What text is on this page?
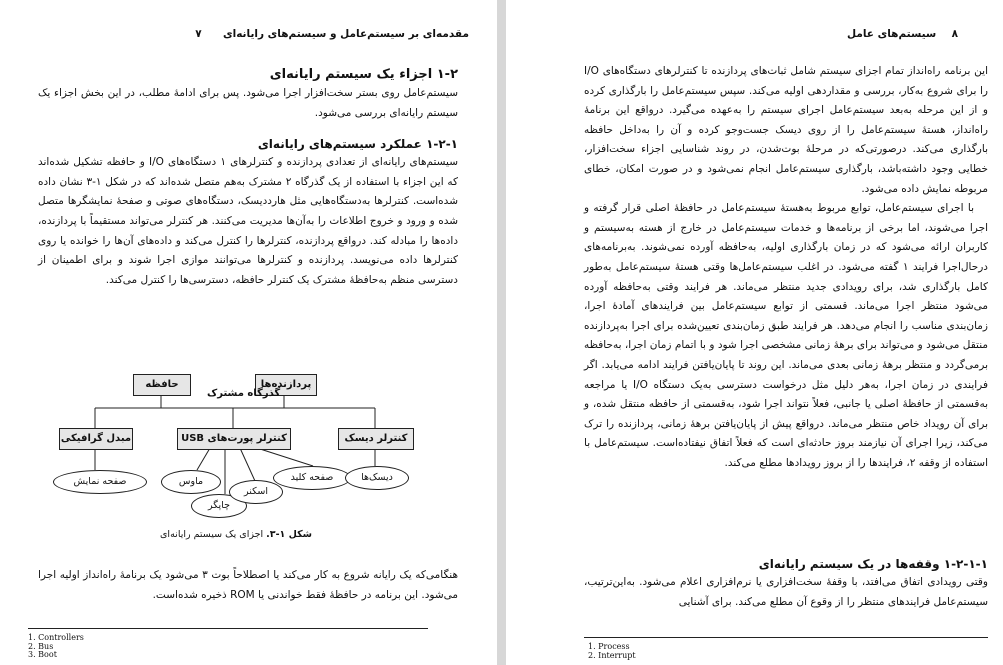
مقدمه‌ای بر سیستم‌عامل و سیستم‌های رایانه‌ای  ۷

۱-۲ اجزاء یک سیستم رایانه‌ای

سیستم‌عامل روی بستر سخت‌افزار اجرا می‌شود. پس برای ادامهٔ مطلب، در این بخش اجزاء یک سیستم رایانه‌ای بررسی می‌شود.

۱-۲-۱ عملکرد سیستم‌های رایانه‌ای

سیستم‌های رایانه‌ای از تعدادی پردازنده و کنترلرهای ۱ دستگاه‌های I/O و حافظه تشکیل شده‌اند که این اجزاء با استفاده از یک گذرگاه ۲ مشترک به‌هم متصل شده‌اند که در شکل ۱-۳ نشان داده شده‌است. کنترلرها به‌دستگاه‌هایی مثل هارددیسک، دستگاه‌های صوتی و صفحهٔ نمایشگرها متصل شده و ورود و خروج اطلاعات را به‌آن‌ها مدیریت می‌کنند. هر کنترلر می‌تواند مستقیماً با پردازنده، داده‌ها را مبادله کند. درواقع پردازنده، کنترلرها را کنترل می‌کند و داده‌های آن‌ها را خوانده یا روی کنترلرها داده می‌نویسد. پردازنده و کنترلرها می‌توانند موازی اجرا شوند و برای اطمینان از دسترسی منظم به‌حافظهٔ مشترک یک کنترلر حافظه، دسترسی‌ها را کنترل می‌کند.

حافظه	پردازنده‌ها
گذرگاه مشترک
مبدل گرافیکی	کنترلر پورت‌های USB	کنترلر دیسک
صفحه نمایش	ماوس
چاپگر
اسکنر
صفحه کلید	دیسک‌ها
شکل ۱-۳. اجزای یک سیستم رایانه‌ای

هنگامی‌که یک رایانه شروع به کار می‌کند یا اصطلاحاً بوت ۳ می‌شود یک برنامهٔ راه‌انداز اولیه اجرا می‌شود. این برنامه در حافظهٔ فقط خواندنی یا ROM ذخیره شده‌است.

1. Controllers
2. Bus
3. Boot
۸  سیستم‌های عامل

این برنامه راه‌انداز تمام اجزای سیستم شامل ثبات‌های پردازنده تا کنترلرهای دستگاه‌های I/O را برای شروع به‌کار، بررسی و مقداردهی اولیه می‌کند. سپس سیستم‌عامل را بارگذاری کرده و از این مرحله به‌بعد سیستم‌عامل اجرای سیستم را به‌عهده می‌گیرد. درواقع این برنامهٔ راه‌انداز، هستهٔ سیستم‌عامل را از روی دیسک جست‌وجو کرده و آن را به‌داخل حافظه بارگذاری می‌کند. درصورتی‌که در مرحلهٔ بوت‌شدن، در روند شناسایی اجزاء سخت‌افزار، خطایی وجود داشته‌باشد، بارگذاری سیستم‌عامل انجام نمی‌شود و در صورت امکان، خطای مربوطه نمایش داده می‌شود.

با اجرای سیستم‌عامل، توابع مربوط به‌هستهٔ سیستم‌عامل در حافظهٔ اصلی قرار گرفته و اجرا می‌شوند، اما برخی از برنامه‌ها و خدمات سیستم‌عامل در خارج از هسته به‌سیستم و کاربران ارائه می‌شود که در زمان بارگذاری اولیه، به‌حافظه آورده نمی‌شوند. به‌برنامه‌های درحال‌اجرا فرایند ۱ گفته می‌شود. در اغلب سیستم‌عامل‌ها وقتی هستهٔ سیستم‌عامل به‌طور کامل بارگذاری شد، برای رویدادی جدید منتظر می‌ماند. هر فرایند وقتی به‌حافظه آورده می‌شود منتظر اجرا می‌ماند. قسمتی از توابع سیستم‌عامل بین فرایندهای آمادهٔ اجرا، زمان‌بندی مناسب را انجام می‌دهد. هر فرایند طبق زمان‌بندی تعیین‌شده برای اجرا به‌پردازنده منتقل می‌شود و می‌تواند برای برهۀ زمانی مشخصی اجرا شود و با اتمام زمان اجرا، به‌حافظه برمی‌گردد و منتظر برهۀ زمانی بعدی می‌ماند. این روند تا پایان‌یافتن فرایند ادامه می‌یابد. اگر فرایندی در زمان اجرا، به‌هر دلیل مثل درخواست دسترسی به‌یک دستگاه I/O یا مراجعه به‌قسمتی از حافظهٔ اصلی یا جانبی، فعلاً نتواند اجرا شود، به‌قسمتی از حافظه منتقل شده، و برای آن رویداد خاص منتظر می‌ماند. درواقع پیش از پایان‌یافتن برهۀ زمانی، پردازنده را ترک می‌کند، زیرا اجرای آن نیازمند بروز حادثه‌ای است که فعلاً اتفاق نیفتاده‌است. سیستم‌عامل با استفاده از وقفه ۲، فرایندها را از بروز رویدادها مطلع می‌کند.

۱-۲-۱-۱ وقفه‌ها در یک سیستم رایانه‌ای

وقتی رویدادی اتفاق می‌افتد، با وقفهٔ سخت‌افزاری یا نرم‌افزاری اعلام می‌شود. به‌این‌ترتیب، سیستم‌عامل فرایندهای منتظر را از وقوع آن مطلع می‌کند. برای آشنایی

1. Process
2. Interrupt
